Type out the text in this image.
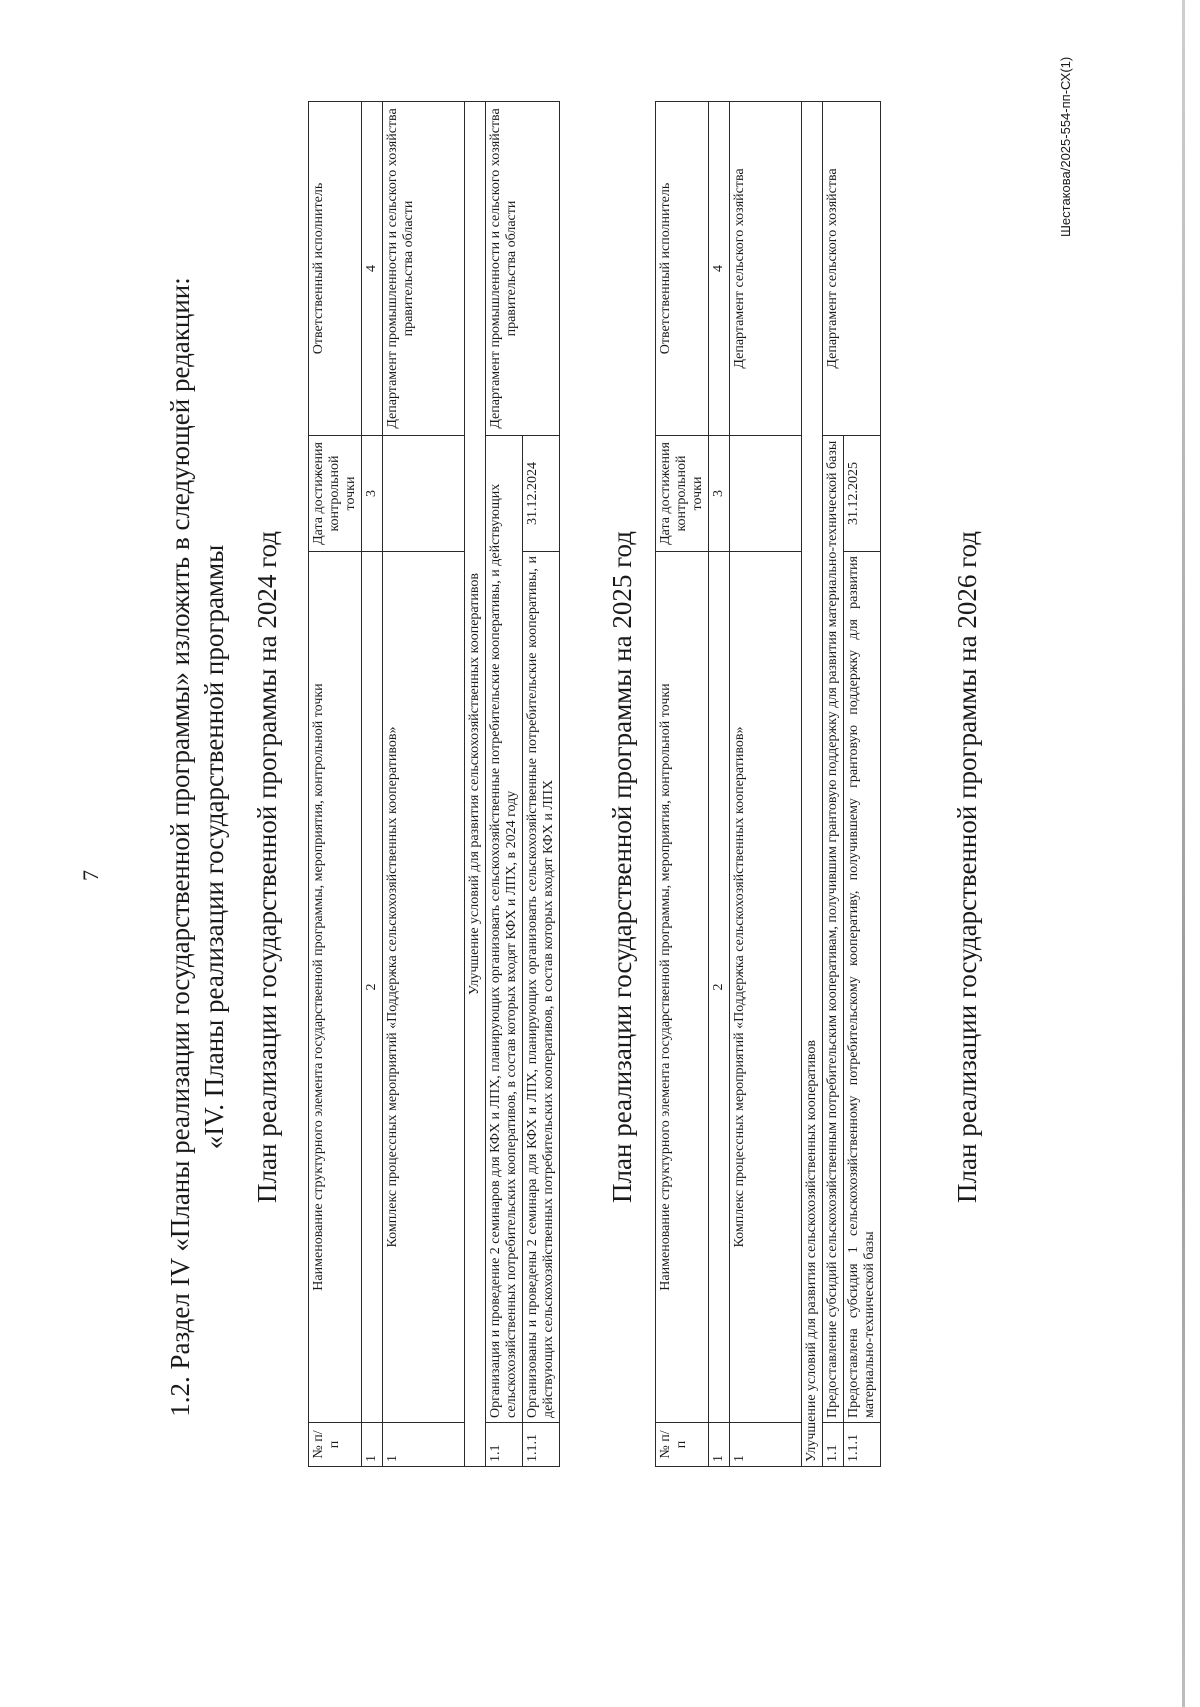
7 1.2. Раздел IV «Планы реализации государственной программы» изложить в следующей редакции: «IV. Планы реализации государственной программы План реализации государственной программы на 2024 год
№ п/п	Наименование структурного элемента государственной программы, мероприятия, контрольной точки	Дата достижения контрольной точки	Ответственный исполнитель
1	2	3	4
1	Комплекс процессных мероприятий «Поддержка сельскохозяйственных кооперативов»		Департамент промышленности и сельского хозяйства правительства области
Улучшение условий для развития сельскохозяйственных кооперативов			
1.1	Организация и проведение 2 семинаров для КФХ и ЛПХ, планирующих организовать сельскохозяйственные потребительские кооперативы, и действующих сельскохозяйственных потребительских кооперативов, в состав которых входят КФХ и ЛПХ, в 2024 году		Департамент промышленности и сельского хозяйства правительства области
1.1.1	Организованы и проведены 2 семинара для КФХ и ЛПХ, планирующих организовать сельскохозяйственные потребительские кооперативы, и действующих сельскохозяйственных потребительских кооперативов, в состав которых входят КФХ и ЛПХ	31.12.2024	
План реализации государственной программы на 2025 год
№ п/п	Наименование структурного элемента государственной программы, мероприятия, контрольной точки	Дата достижения контрольной точки	Ответственный исполнитель
1	2	3	4
1	Комплекс процессных мероприятий «Поддержка сельскохозяйственных кооперативов»		Департамент сельского хозяйства
Улучшение условий для развития сельскохозяйственных кооперативов			
1.1	Предоставление субсидий сельскохозяйственным потребительским кооперативам, получившим грантовую поддержку для развития материально-технической базы		Департамент сельского хозяйства
1.1.1	Предоставлена субсидия 1 сельскохозяйственному потребительскому кооперативу, получившему грантовую поддержку для развития материально-технической базы	31.12.2025	
План реализации государственной программы на 2026 год
Шестакова/2025-554-пп-СХ(1)
